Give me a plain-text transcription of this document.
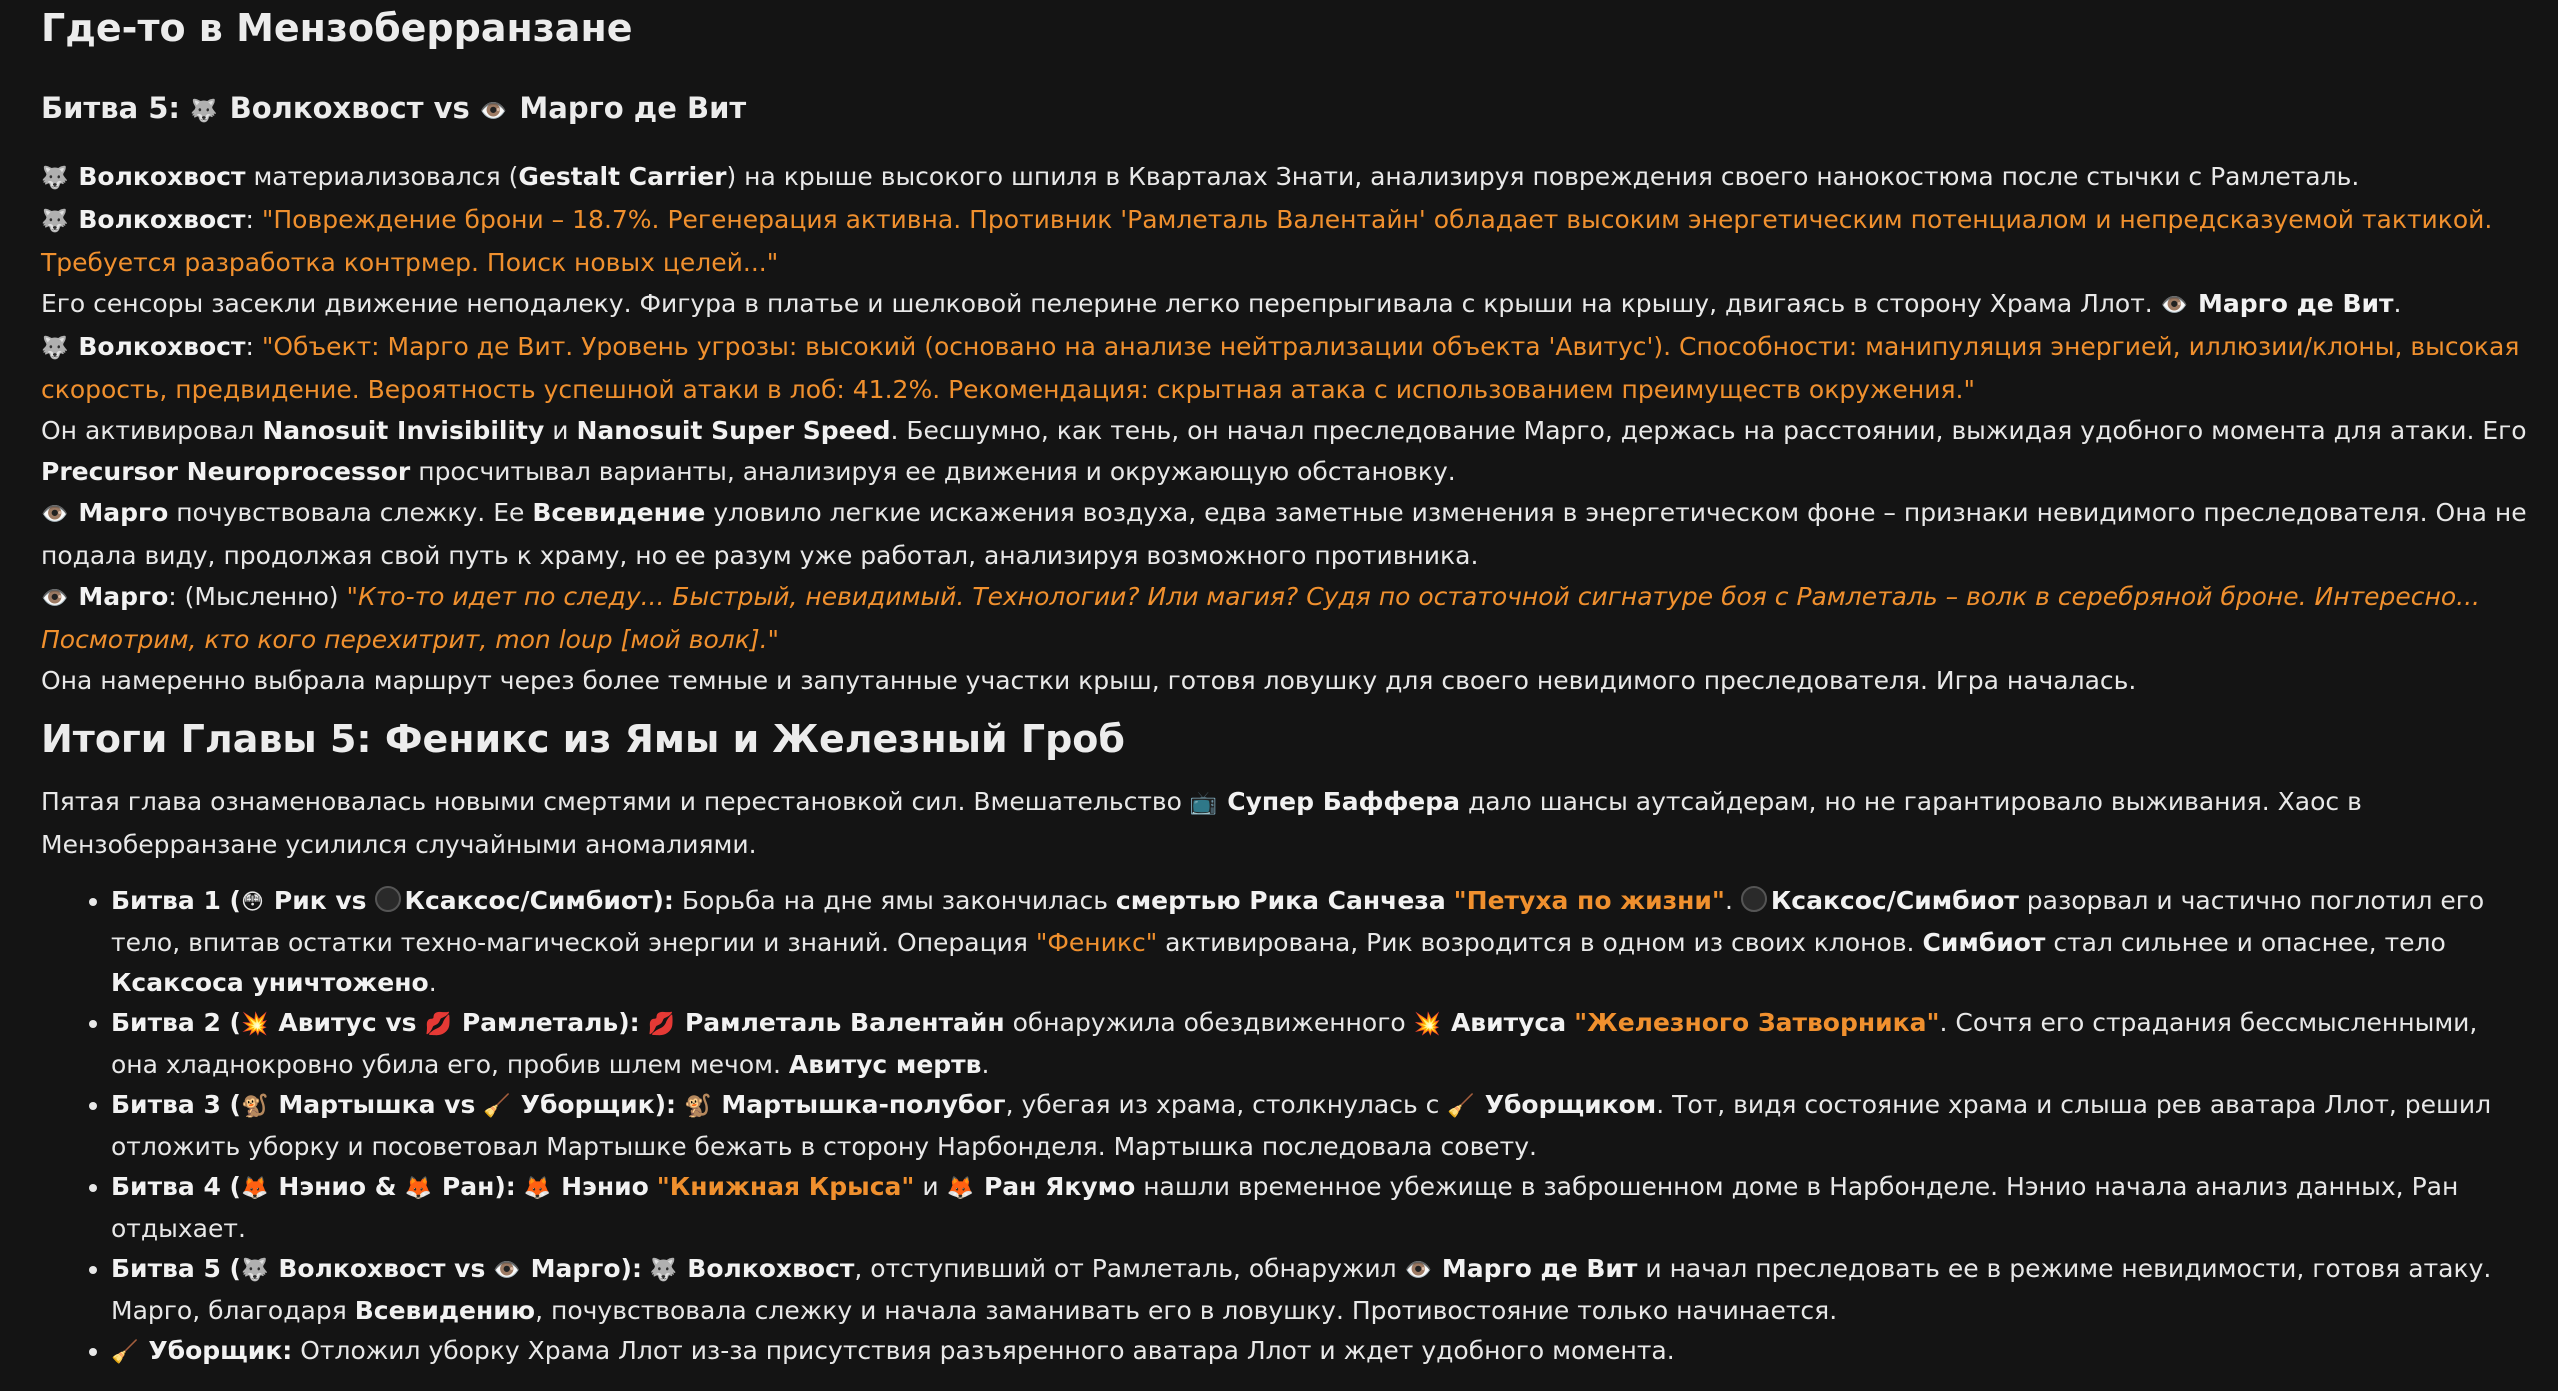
Где-то в Мензоберранзане
Битва 5: 🐺 Волкохвост vs 👁️ Марго де Вит

🐺 Волкохвост материализовался (Gestalt Carrier) на крыше высокого шпиля в Кварталах Знати, анализируя повреждения своего нанокостюма после стычки с Рамлеталь.

🐺 Волкохвост: "Повреждение брони – 18.7%. Регенерация активна. Противник 'Рамлеталь Валентайн' обладает высоким энергетическим потенциалом и непредсказуемой тактикой. Требуется разработка контрмер. Поиск новых целей..."

Его сенсоры засекли движение неподалеку. Фигура в платье и шелковой пелерине легко перепрыгивала с крыши на крышу, двигаясь в сторону Храма Ллот. 👁️ Марго де Вит.

🐺 Волкохвост: "Объект: Марго де Вит. Уровень угрозы: высокий (основано на анализе нейтрализации объекта 'Авитус'). Способности: манипуляция энергией, иллюзии/клоны, высокая скорость, предвидение. Вероятность успешной атаки в лоб: 41.2%. Рекомендация: скрытная атака с использованием преимуществ окружения."

Он активировал Nanosuit Invisibility и Nanosuit Super Speed. Бесшумно, как тень, он начал преследование Марго, держась на расстоянии, выжидая удобного момента для атаки. Его Precursor Neuroprocessor просчитывал варианты, анализируя ее движения и окружающую обстановку.

👁️ Марго почувствовала слежку. Ее Всевидение уловило легкие искажения воздуха, едва заметные изменения в энергетическом фоне – признаки невидимого преследователя. Она не подала виду, продолжая свой путь к храму, но ее разум уже работал, анализируя возможного противника.

👁️ Марго: (Мысленно) "Кто-то идет по следу... Быстрый, невидимый. Технологии? Или магия? Судя по остаточной сигнатуре боя с Рамлеталь – волк в серебряной броне. Интересно... Посмотрим, кто кого перехитрит, mon loup [мой волк]."

Она намеренно выбрала маршрут через более темные и запутанные участки крыш, готовя ловушку для своего невидимого преследователя. Игра началась.

Итоги Главы 5: Феникс из Ямы и Железный Гроб

Пятая глава ознаменовалась новыми смертями и перестановкой сил. Вмешательство 📺 Супер Баффера дало шансы аутсайдерам, но не гарантировало выживания. Хаос в Мензоберранзане усилился случайными аномалиями.

• Битва 1 (😳 Рик vs Ксаксос/Симбиот): Борьба на дне ямы закончилась смертью Рика Санчеза "Петуха по жизни". Ксаксос/Симбиот разорвал и частично поглотил его тело, впитав остатки техно-магической энергии и знаний. Операция "Феникс" активирована, Рик возродится в одном из своих клонов. Симбиот стал сильнее и опаснее, тело Ксаксоса уничтожено.
• Битва 2 (💥 Авитус vs 💋 Рамлеталь): 💋 Рамлеталь Валентайн обнаружила обездвиженного 💥 Авитуса "Железного Затворника". Сочтя его страдания бессмысленными, она хладнокровно убила его, пробив шлем мечом. Авитус мертв.
• Битва 3 (🐒 Мартышка vs 🧹 Уборщик): 🐒 Мартышка-полубог, убегая из храма, столкнулась с 🧹 Уборщиком. Тот, видя состояние храма и слыша рев аватара Ллот, решил отложить уборку и посоветовал Мартышке бежать в сторону Нарбонделя. Мартышка последовала совету.
• Битва 4 (🦊 Нэнио & 🦊 Ран): 🦊 Нэнио "Книжная Крыса" и 🦊 Ран Якумо нашли временное убежище в заброшенном доме в Нарбонделе. Нэнио начала анализ данных, Ран отдыхает.
• Битва 5 (🐺 Волкохвост vs 👁️ Марго): 🐺 Волкохвост, отступивший от Рамлеталь, обнаружил 👁️ Марго де Вит и начал преследовать ее в режиме невидимости, готовя атаку. Марго, благодаря Всевидению, почувствовала слежку и начала заманивать его в ловушку. Противостояние только начинается.
• 🧹 Уборщик: Отложил уборку Храма Ллот из-за присутствия разъяренного аватара Ллот и ждет удобного момента.
